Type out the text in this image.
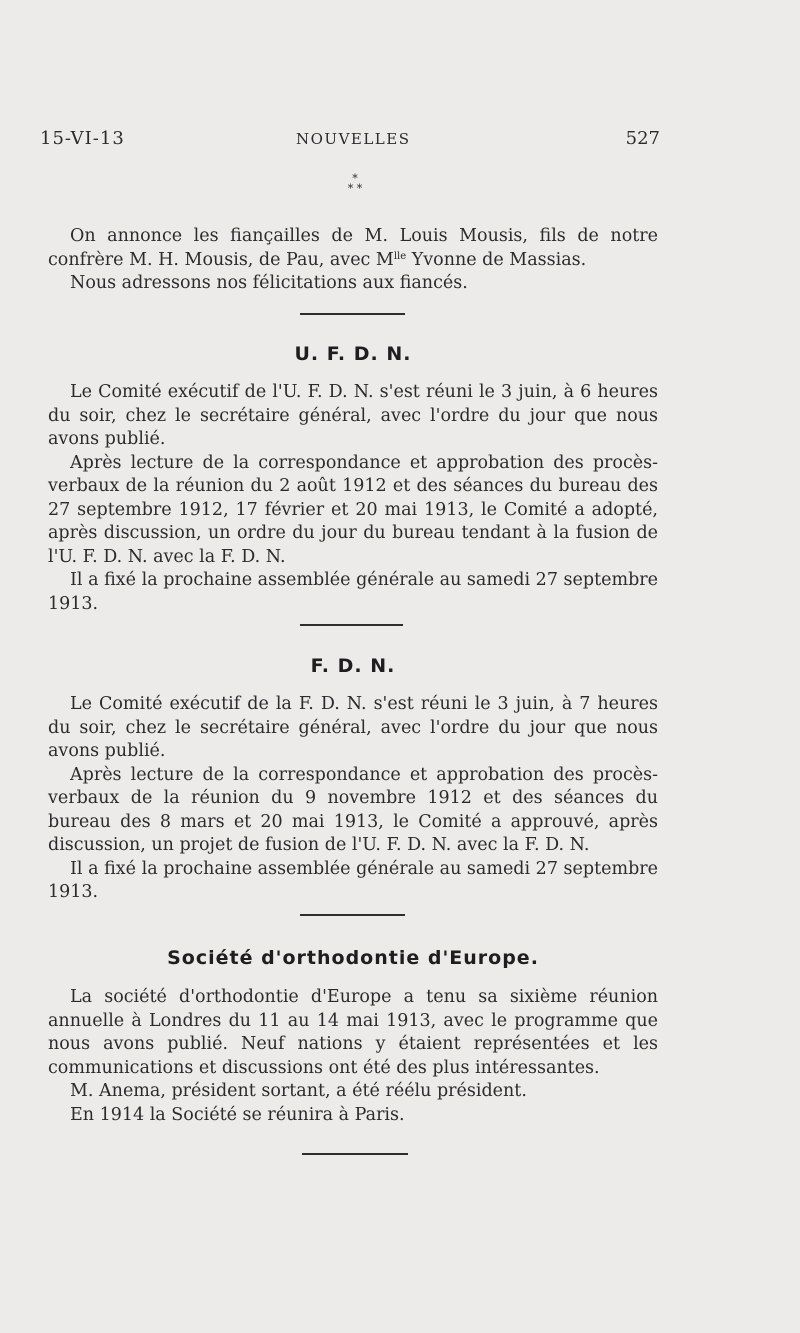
15-VI-13	NOUVELLES	527
*
* *

On annonce les fiançailles de M. Louis Mousis, fils de notre confrère M. H. Mousis, de Pau, avec $M^{lle}$ Yvonne de Massias.

Nous adressons nos félicitations aux fiancés.

U. F. D. N.

Le Comité exécutif de l'U. F. D. N. s'est réuni le 3 juin, à 6 heures du soir, chez le secrétaire général, avec l'ordre du jour que nous avons publié.

Après lecture de la correspondance et approbation des procès-verbaux de la réunion du 2 août 1912 et des séances du bureau des 27 septembre 1912, 17 février et 20 mai 1913, le Comité a adopté, après discussion, un ordre du jour du bureau tendant à la fusion de l'U. F. D. N. avec la F. D. N.

Il a fixé la prochaine assemblée générale au samedi 27 septembre 1913.

F. D. N.

Le Comité exécutif de la F. D. N. s'est réuni le 3 juin, à 7 heures du soir, chez le secrétaire général, avec l'ordre du jour que nous avons publié.

Après lecture de la correspondance et approbation des procès-verbaux de la réunion du 9 novembre 1912 et des séances du bureau des 8 mars et 20 mai 1913, le Comité a approuvé, après discussion, un projet de fusion de l'U. F. D. N. avec la F. D. N.

Il a fixé la prochaine assemblée générale au samedi 27 septembre 1913.

Société d'orthodontie d'Europe.

La société d'orthodontie d'Europe a tenu sa sixième réunion annuelle à Londres du 11 au 14 mai 1913, avec le programme que nous avons publié. Neuf nations y étaient représentées et les communications et discussions ont été des plus intéressantes.

M. Anema, président sortant, a été réélu président.

En 1914 la Société se réunira à Paris.
